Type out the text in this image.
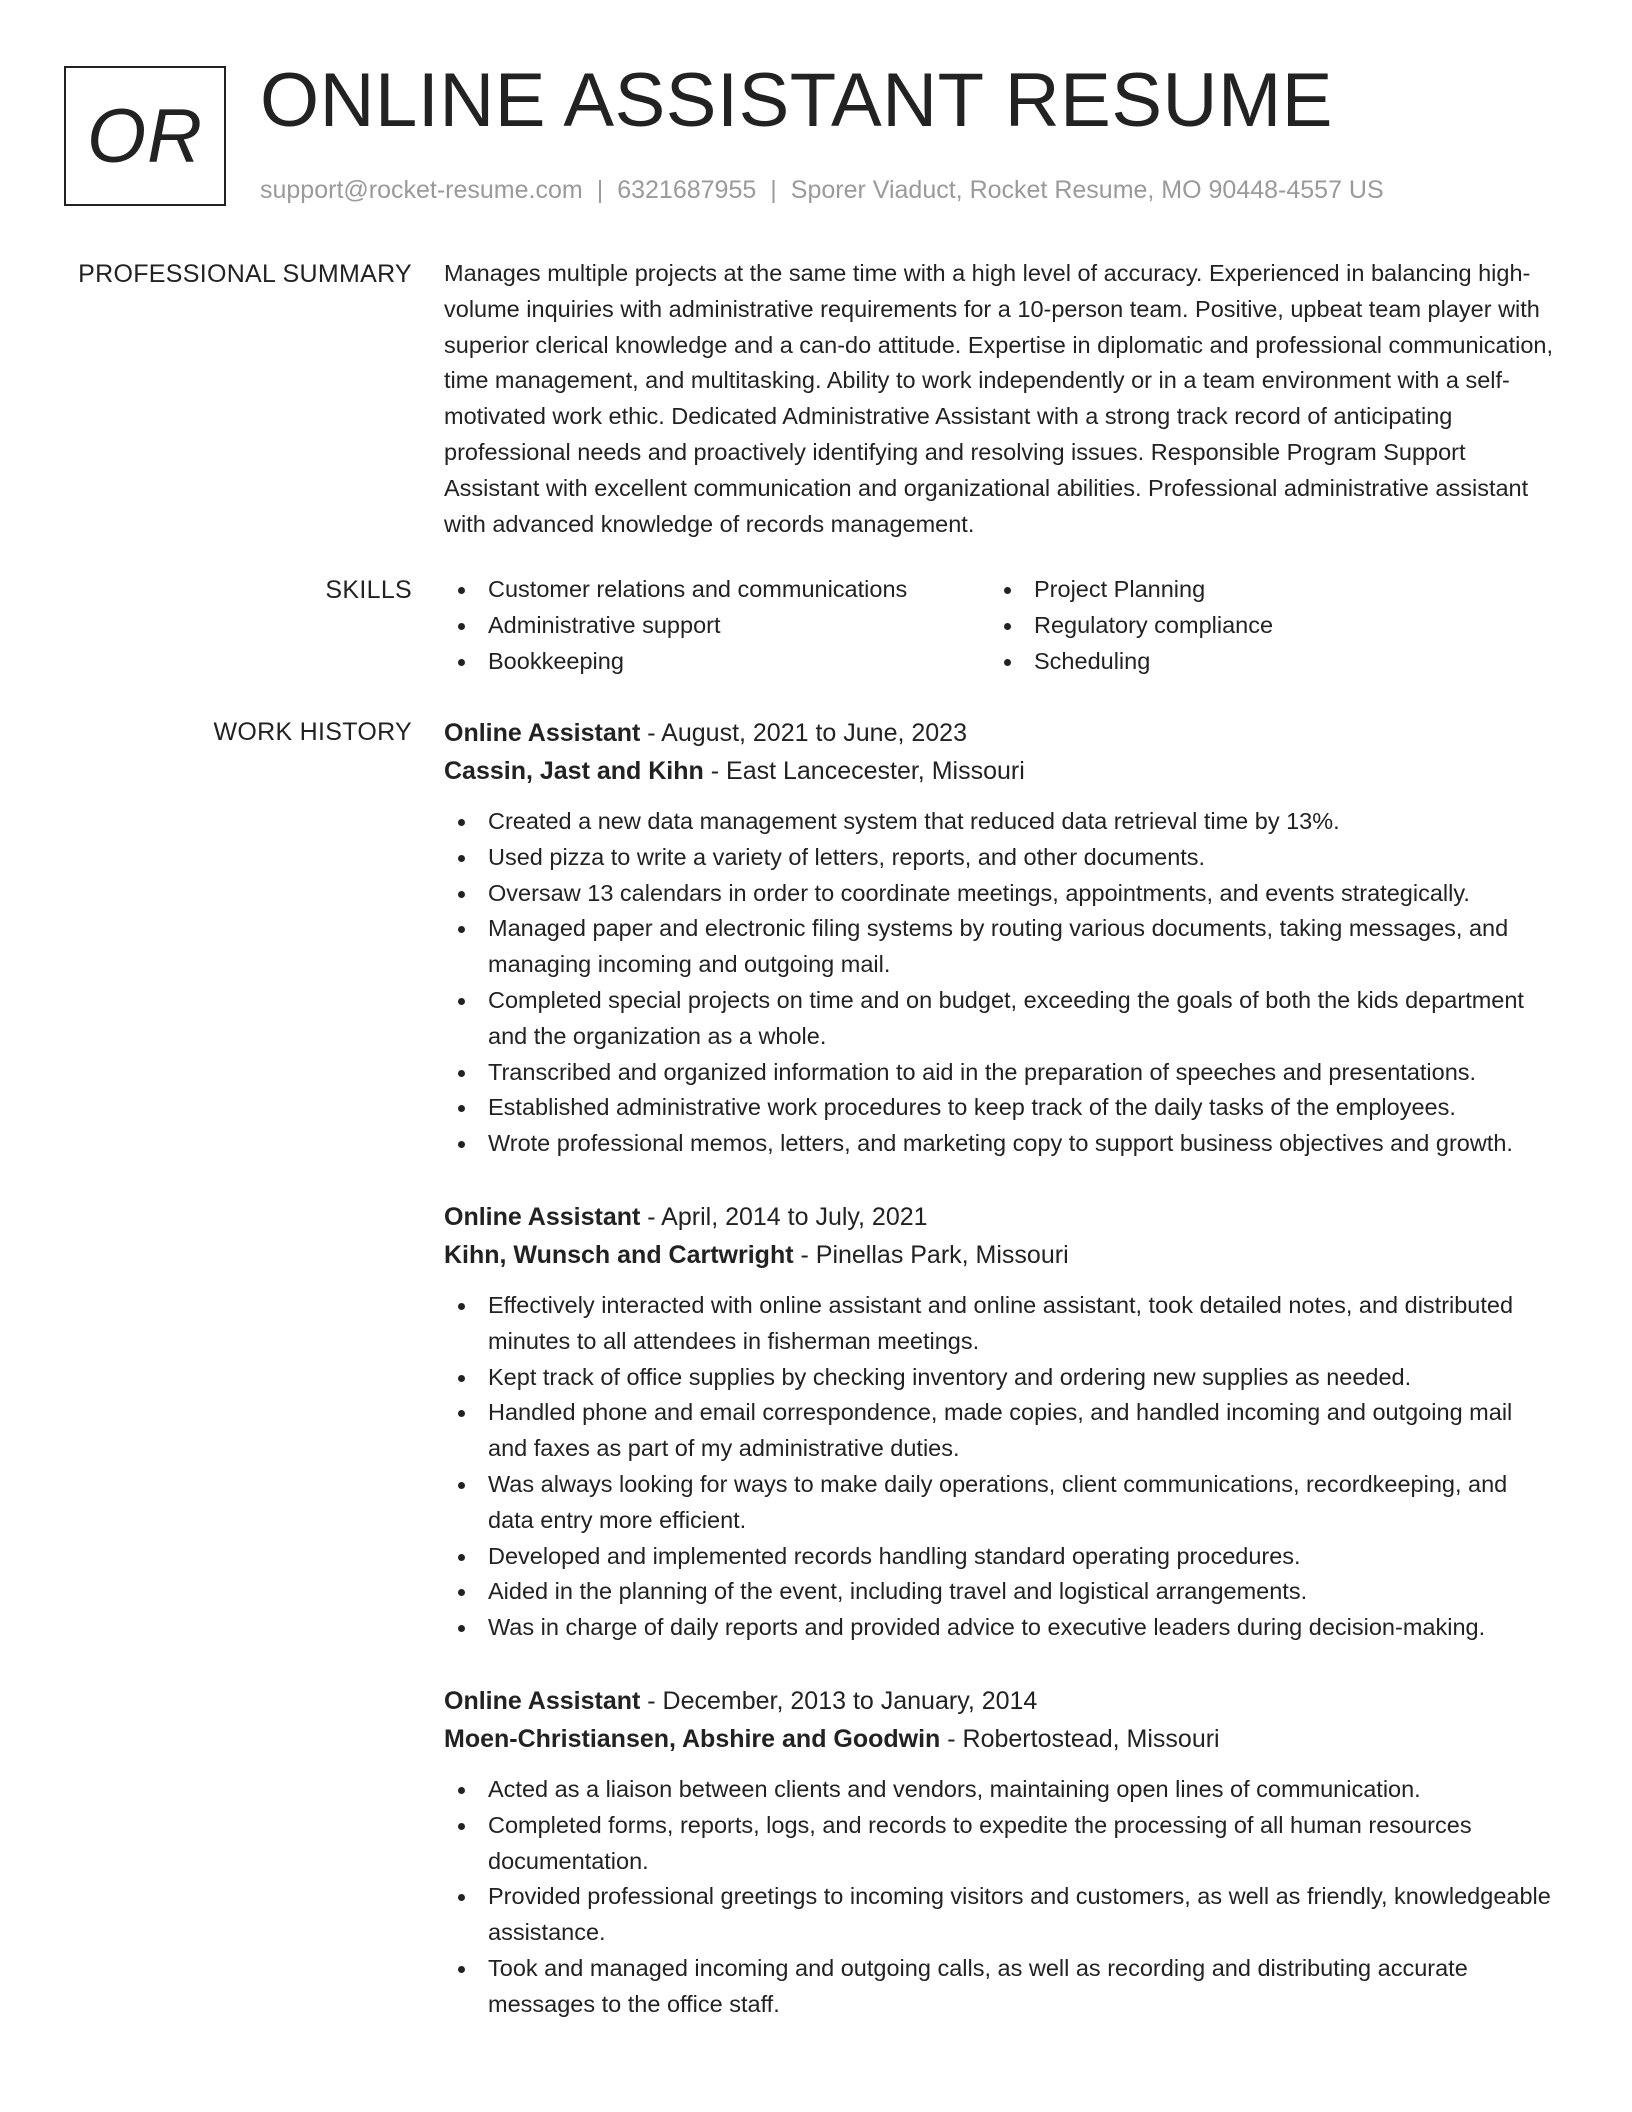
OR ONLINE ASSISTANT RESUME
support@rocket-resume.com | 6321687955 | Sporer Viaduct, Rocket Resume, MO 90448-4557 US
PROFESSIONAL SUMMARY Manages multiple projects at the same time with a high level of accuracy. Experienced in balancing high-volume inquiries with administrative requirements for a 10-person team. Positive, upbeat team player with superior clerical knowledge and a can-do attitude. Expertise in diplomatic and professional communication, time management, and multitasking. Ability to work independently or in a team environment with a self-motivated work ethic. Dedicated Administrative Assistant with a strong track record of anticipating professional needs and proactively identifying and resolving issues. Responsible Program Support Assistant with excellent communication and organizational abilities. Professional administrative assistant with advanced knowledge of records management.

SKILLS	Customer relations and communications
Administrative support
Bookkeeping
Project Planning
Regulatory compliance
Scheduling
WORK HISTORY Online Assistant - August, 2021 to June, 2023
Cassin, Jast and Kihn - East Lancecester, Missouri
Created a new data management system that reduced data retrieval time by 13%.
Used pizza to write a variety of letters, reports, and other documents.
Oversaw 13 calendars in order to coordinate meetings, appointments, and events strategically.
Managed paper and electronic filing systems by routing various documents, taking messages, and managing incoming and outgoing mail.
Completed special projects on time and on budget, exceeding the goals of both the kids department and the organization as a whole.
Transcribed and organized information to aid in the preparation of speeches and presentations.
Established administrative work procedures to keep track of the daily tasks of the employees.
Wrote professional memos, letters, and marketing copy to support business objectives and growth.
Online Assistant - April, 2014 to July, 2021
Kihn, Wunsch and Cartwright - Pinellas Park, Missouri
Effectively interacted with online assistant and online assistant, took detailed notes, and distributed minutes to all attendees in fisherman meetings.
Kept track of office supplies by checking inventory and ordering new supplies as needed.
Handled phone and email correspondence, made copies, and handled incoming and outgoing mail and faxes as part of my administrative duties.
Was always looking for ways to make daily operations, client communications, recordkeeping, and data entry more efficient.
Developed and implemented records handling standard operating procedures.
Aided in the planning of the event, including travel and logistical arrangements.
Was in charge of daily reports and provided advice to executive leaders during decision-making.
Online Assistant - December, 2013 to January, 2014
Moen-Christiansen, Abshire and Goodwin - Robertostead, Missouri
Acted as a liaison between clients and vendors, maintaining open lines of communication.
Completed forms, reports, logs, and records to expedite the processing of all human resources documentation.
Provided professional greetings to incoming visitors and customers, as well as friendly, knowledgeable assistance.
Took and managed incoming and outgoing calls, as well as recording and distributing accurate messages to the office staff.
